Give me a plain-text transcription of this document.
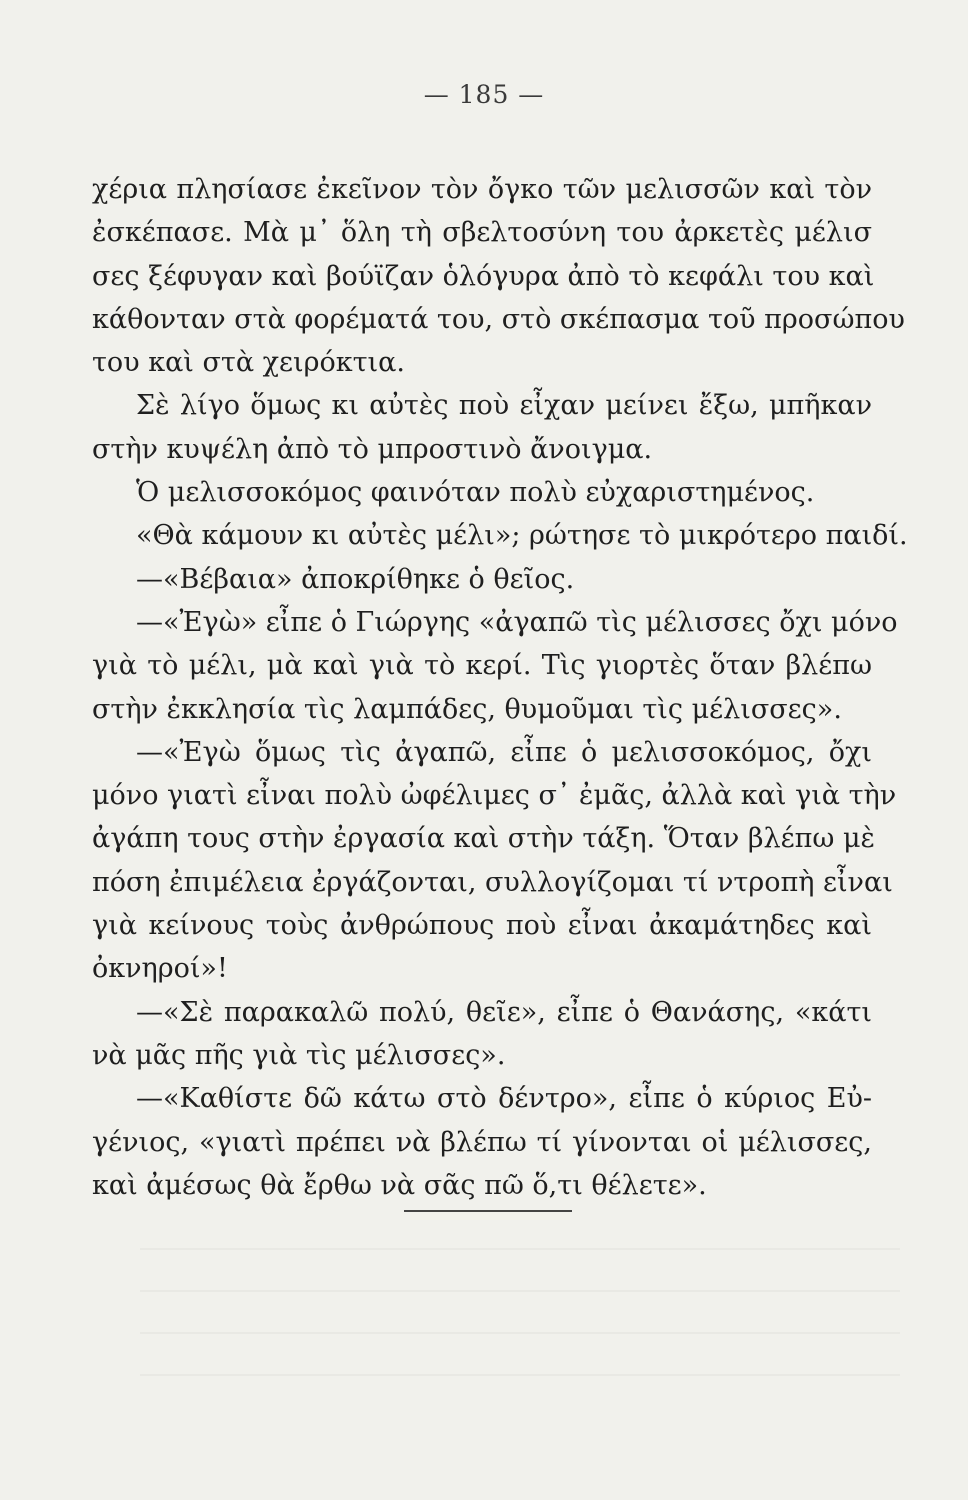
— 185 —
χέρια πλησίασε ἐκεῖνον τὸν ὄγκο τῶν μελισσῶν καὶ τὸν
ἐσκέπασε. Μὰ μ᾽ ὅλη τὴ σβελτοσύνη του ἀρκετὲς μέλισ
σες ξέφυγαν καὶ βούϊζαν ὁλόγυρα ἀπὸ τὸ κεφάλι του καὶ
κάθονταν στὰ φορέματά του, στὸ σκέπασμα τοῦ προσώπου
του καὶ στὰ χειρόκτια.
Σὲ λίγο ὅμως κι αὐτὲς ποὺ εἶχαν μείνει ἔξω, μπῆκαν
στὴν κυψέλη ἀπὸ τὸ μπροστινὸ ἄνοιγμα.
Ὁ μελισσοκόμος φαινόταν πολὺ εὐχαριστημένος.
«Θὰ κάμουν κι αὐτὲς μέλι»; ρώτησε τὸ μικρότερο παιδί.
—«Βέβαια» ἀποκρίθηκε ὁ θεῖος.
—«Ἐγὼ» εἶπε ὁ Γιώργης «ἀγαπῶ τὶς μέλισσες ὄχι μόνο
γιὰ τὸ μέλι, μὰ καὶ γιὰ τὸ κερί. Τὶς γιορτὲς ὅταν βλέπω
στὴν ἐκκλησία τὶς λαμπάδες, θυμοῦμαι τὶς μέλισσες».
—«Ἐγὼ ὅμως τὶς ἀγαπῶ, εἶπε ὁ μελισσοκόμος, ὄχι
μόνο γιατὶ εἶναι πολὺ ὠφέλιμες σ᾽ ἐμᾶς, ἀλλὰ καὶ γιὰ τὴν
ἀγάπη τους στὴν ἐργασία καὶ στὴν τάξη. Ὅταν βλέπω μὲ
πόση ἐπιμέλεια ἐργάζονται, συλλογίζομαι τί ντροπὴ εἶναι
γιὰ κείνους τοὺς ἀνθρώπους ποὺ εἶναι ἀκαμάτηδες καὶ
ὀκνηροί»!
—«Σὲ παρακαλῶ πολύ, θεῖε», εἶπε ὁ Θανάσης, «κάτι
νὰ μᾶς πῆς γιὰ τὶς μέλισσες».
—«Καθίστε δῶ κάτω στὸ δέντρο», εἶπε ὁ κύριος Εὐ-
γένιος, «γιατὶ πρέπει νὰ βλέπω τί γίνονται οἱ μέλισσες,
καὶ ἀμέσως θὰ ἔρθω νὰ σᾶς πῶ ὅ,τι θέλετε».
